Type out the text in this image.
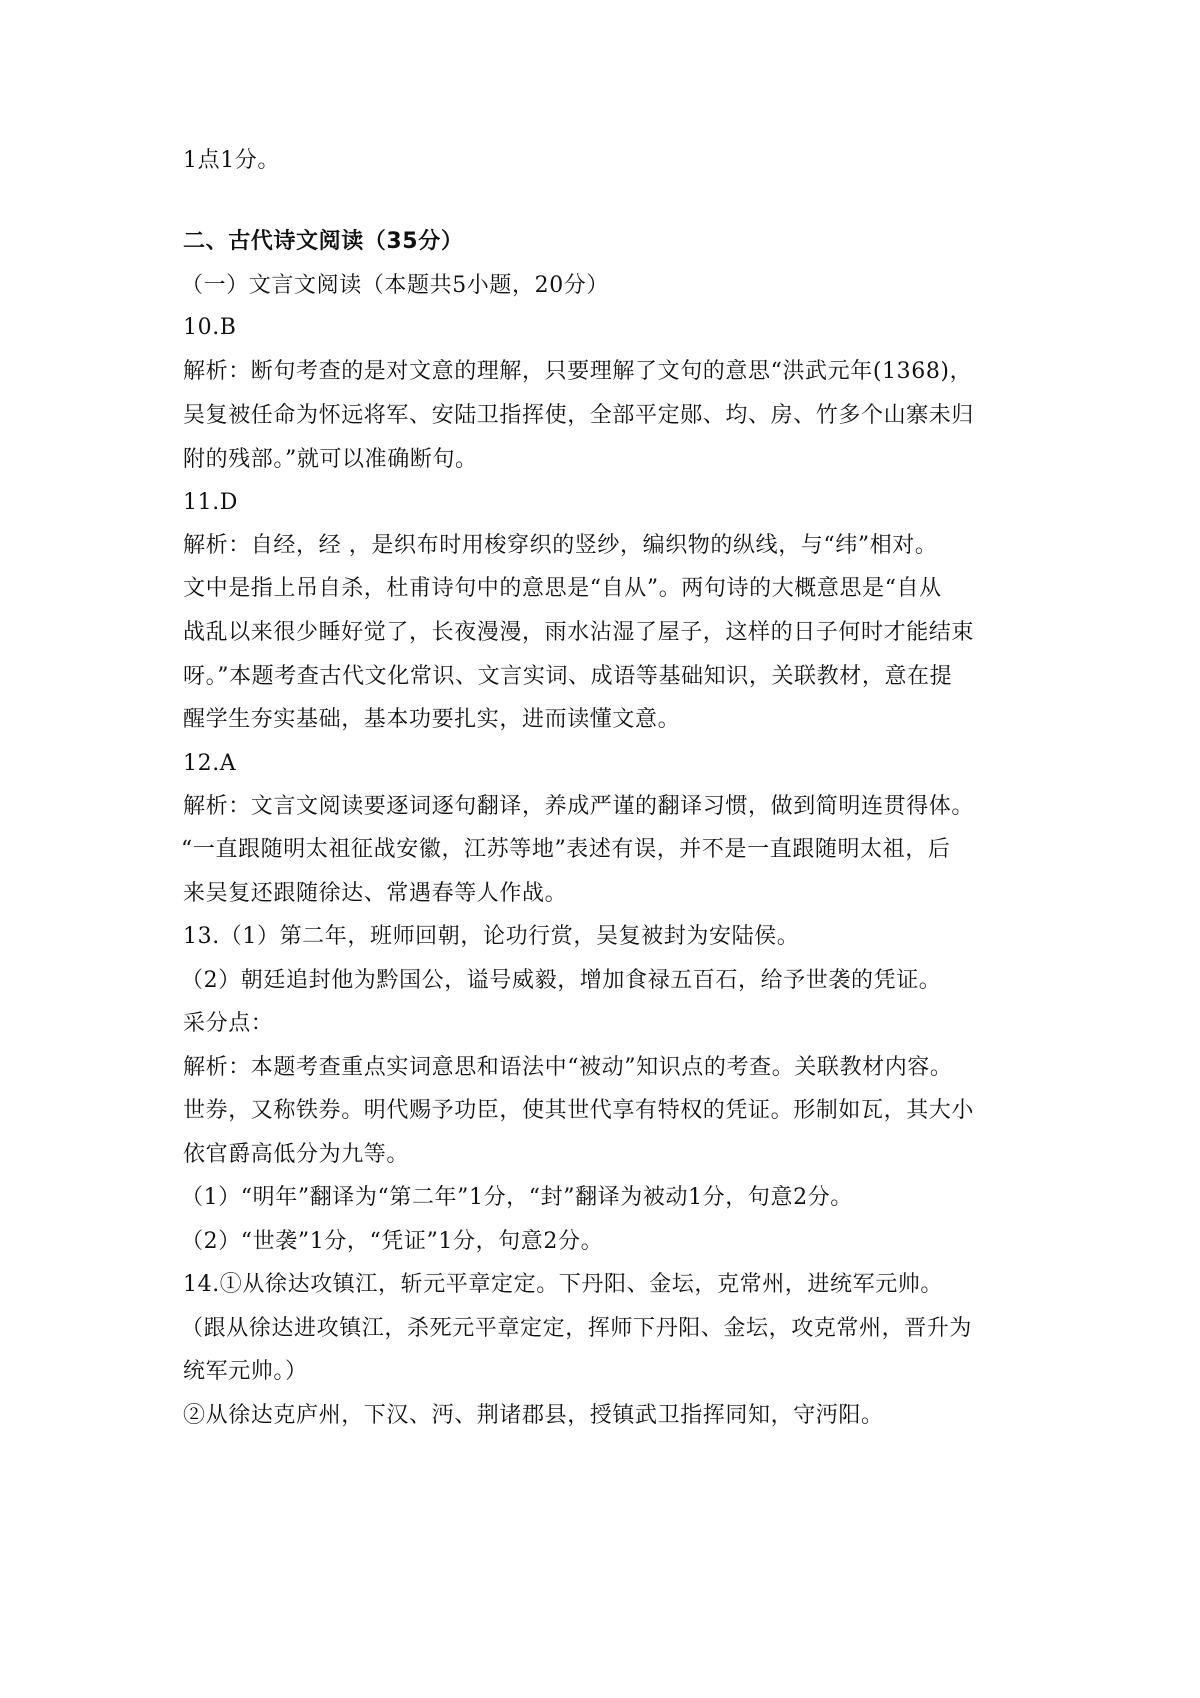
1点1分。
二、古代诗文阅读（35分）
（一）文言文阅读（本题共5小题，20分）
10.B
解析：断句考查的是对文意的理解，只要理解了文句的意思“洪武元年(1368)，
吴复被任命为怀远将军、安陆卫指挥使，全部平定郧、均、房、竹多个山寨未归
附的残部。”就可以准确断句。
11.D
解析：自经，经 ，是织布时用梭穿织的竖纱，编织物的纵线，与“纬”相对。
文中是指上吊自杀，杜甫诗句中的意思是“自从”。两句诗的大概意思是“自从
战乱以来很少睡好觉了，长夜漫漫，雨水沾湿了屋子，这样的日子何时才能结束
呀。”本题考查古代文化常识、文言实词、成语等基础知识，关联教材，意在提
醒学生夯实基础，基本功要扎实，进而读懂文意。
12.A
解析：文言文阅读要逐词逐句翻译，养成严谨的翻译习惯，做到简明连贯得体。
“一直跟随明太祖征战安徽，江苏等地”表述有误，并不是一直跟随明太祖，后
来吴复还跟随徐达、常遇春等人作战。
13.（1）第二年，班师回朝，论功行赏，吴复被封为安陆侯。
（2）朝廷追封他为黔国公，谥号威毅，增加食禄五百石，给予世袭的凭证。
采分点：
解析：本题考查重点实词意思和语法中“被动”知识点的考查。关联教材内容。
世券，又称铁券。明代赐予功臣，使其世代享有特权的凭证。形制如瓦，其大小
依官爵高低分为九等。
（1）“明年”翻译为“第二年”1分，“封”翻译为被动1分，句意2分。
（2）“世袭”1分，“凭证”1分，句意2分。
14.①从徐达攻镇江，斩元平章定定。下丹阳、金坛，克常州，进统军元帅。
（跟从徐达进攻镇江，杀死元平章定定，挥师下丹阳、金坛，攻克常州，晋升为
统军元帅。）
②从徐达克庐州，下汉、沔、荆诸郡县，授镇武卫指挥同知，守沔阳。
